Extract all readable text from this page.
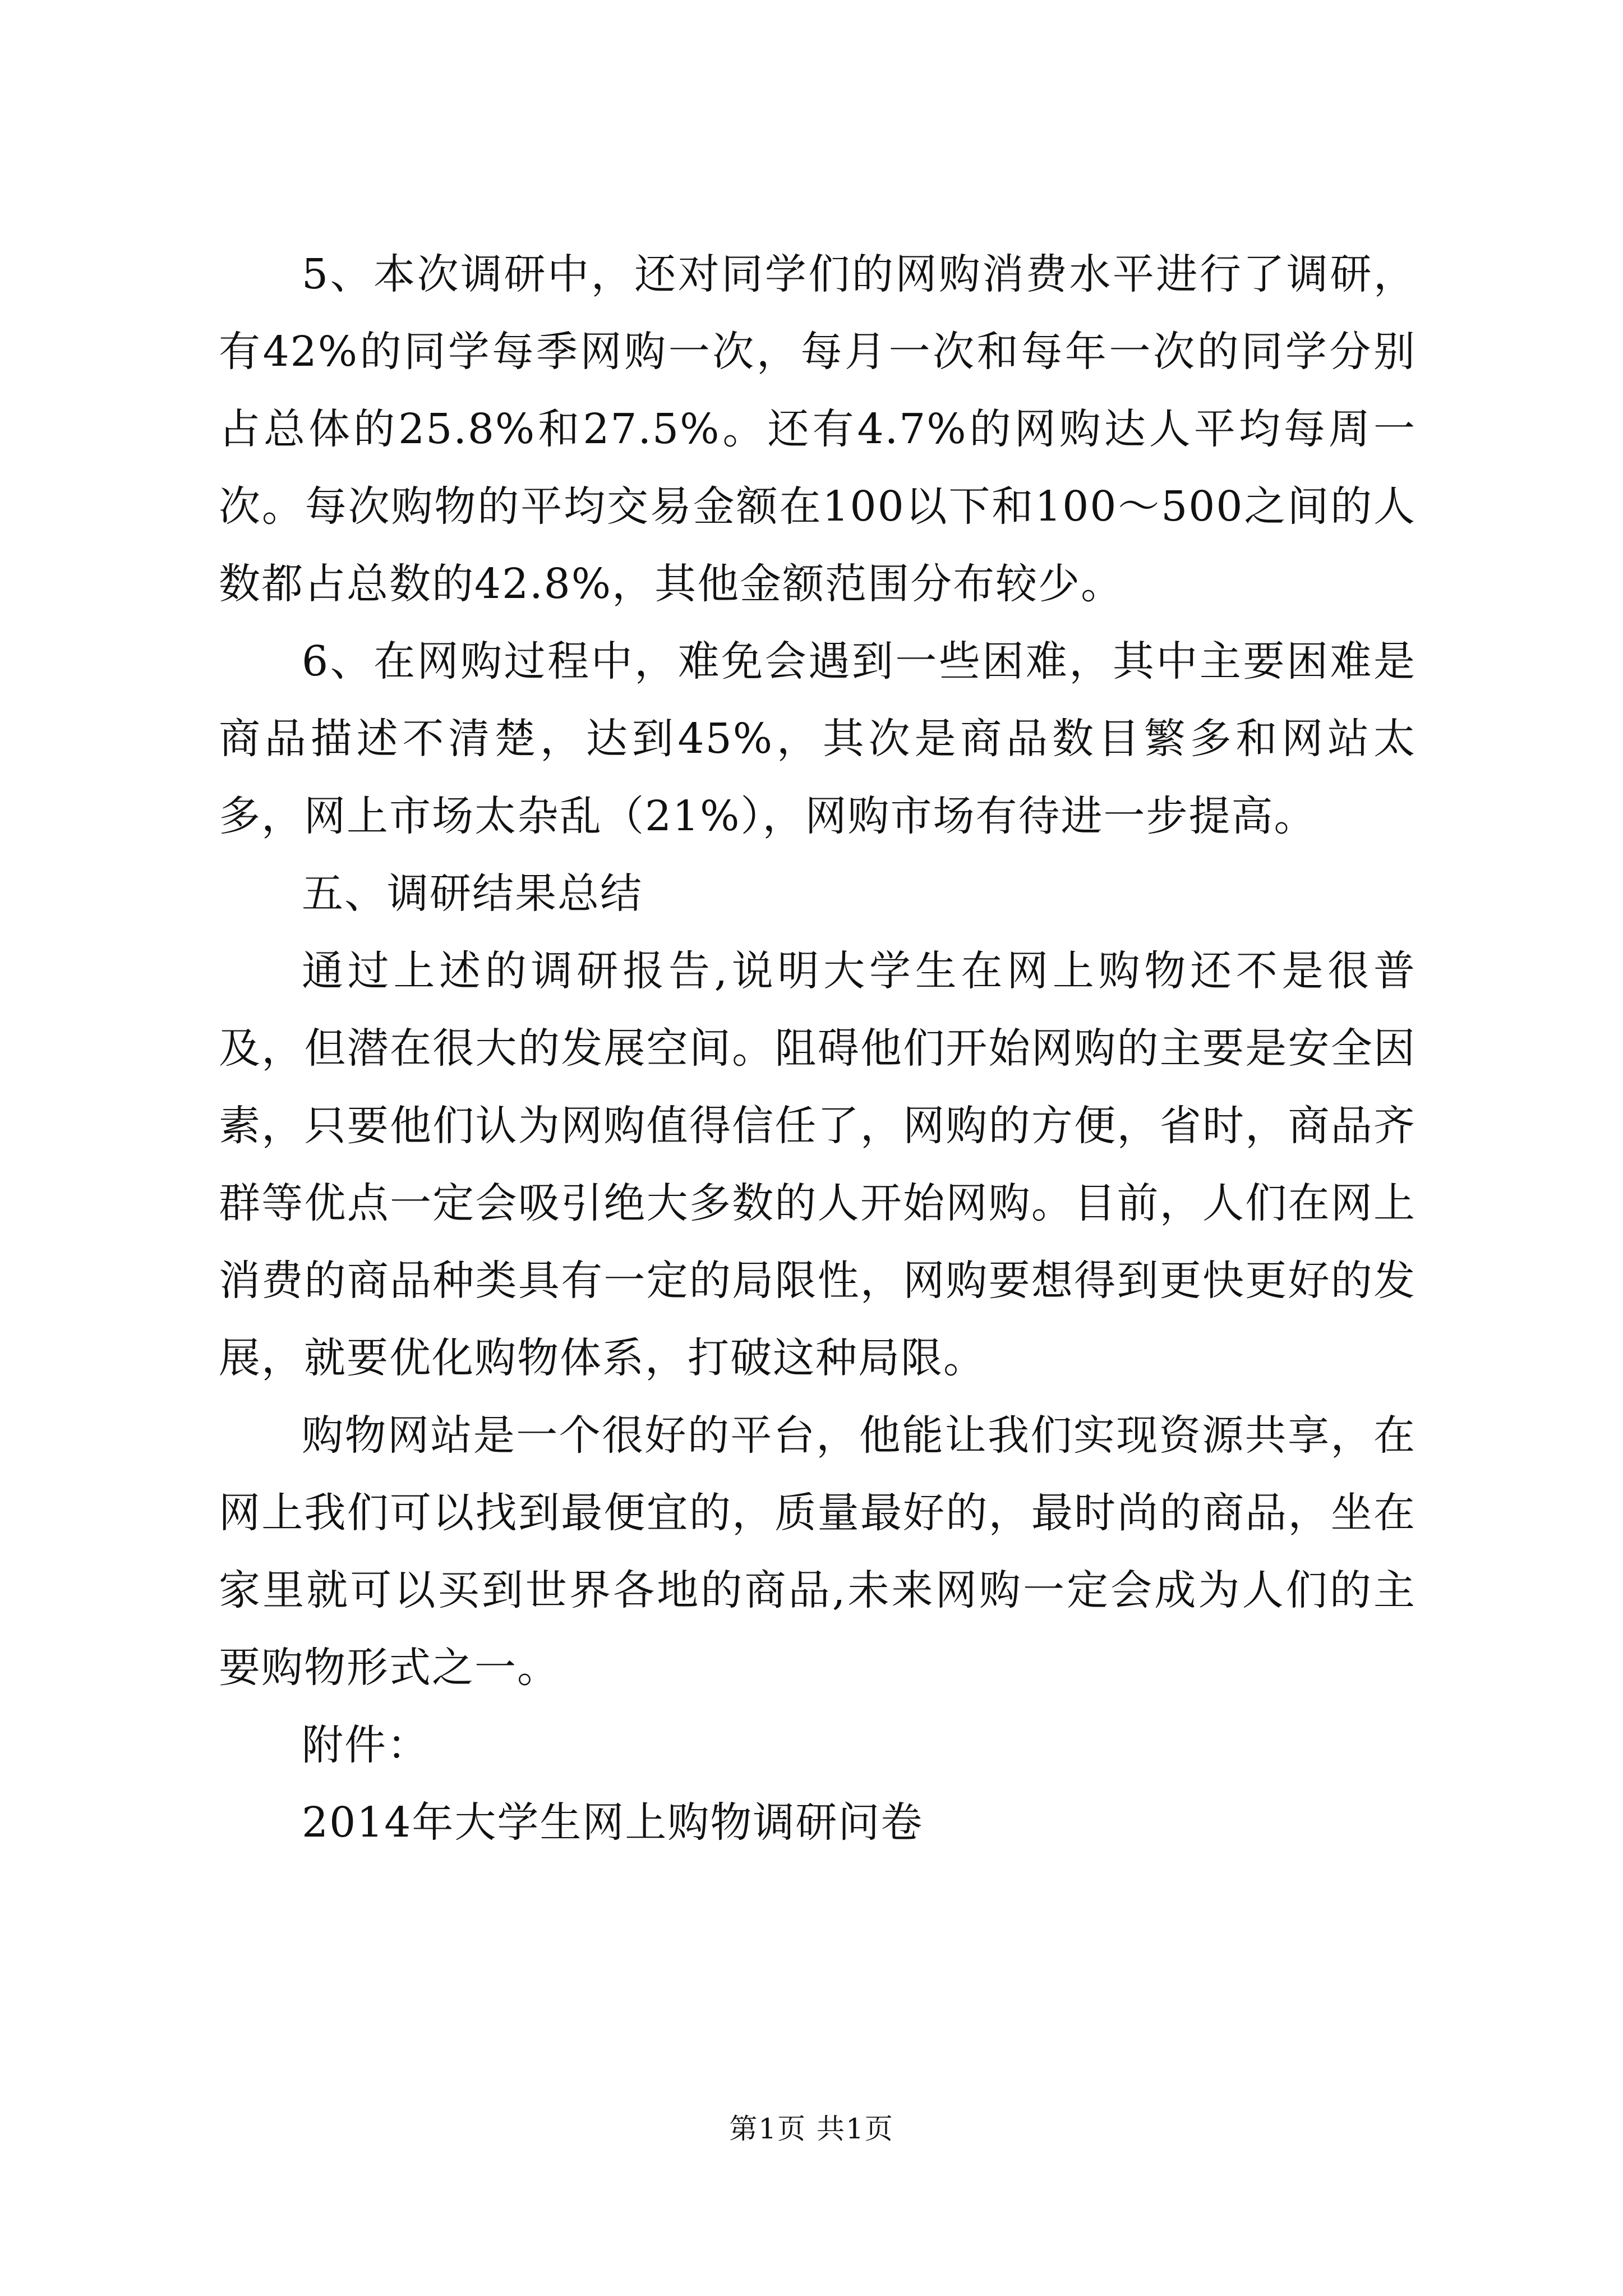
5、本次调研中，还对同学们的网购消费水平进行了调研，有42%的同学每季网购一次，每月一次和每年一次的同学分别占总体的25.8%和27.5%。还有4.7%的网购达人平均每周一次。每次购物的平均交易金额在100以下和100～500之间的人数都占总数的42.8%，其他金额范围分布较少。

6、在网购过程中，难免会遇到一些困难，其中主要困难是商品描述不清楚，达到45%，其次是商品数目繁多和网站太多，网上市场太杂乱（21%），网购市场有待进一步提高。

五、调研结果总结

通过上述的调研报告,说明大学生在网上购物还不是很普及，但潜在很大的发展空间。阻碍他们开始网购的主要是安全因素，只要他们认为网购值得信任了，网购的方便，省时，商品齐群等优点一定会吸引绝大多数的人开始网购。目前，人们在网上消费的商品种类具有一定的局限性，网购要想得到更快更好的发展，就要优化购物体系，打破这种局限。

购物网站是一个很好的平台，他能让我们实现资源共享，在网上我们可以找到最便宜的，质量最好的，最时尚的商品，坐在家里就可以买到世界各地的商品,未来网购一定会成为人们的主要购物形式之一。

附件：

2014年大学生网上购物调研问卷

第1页 共1页
